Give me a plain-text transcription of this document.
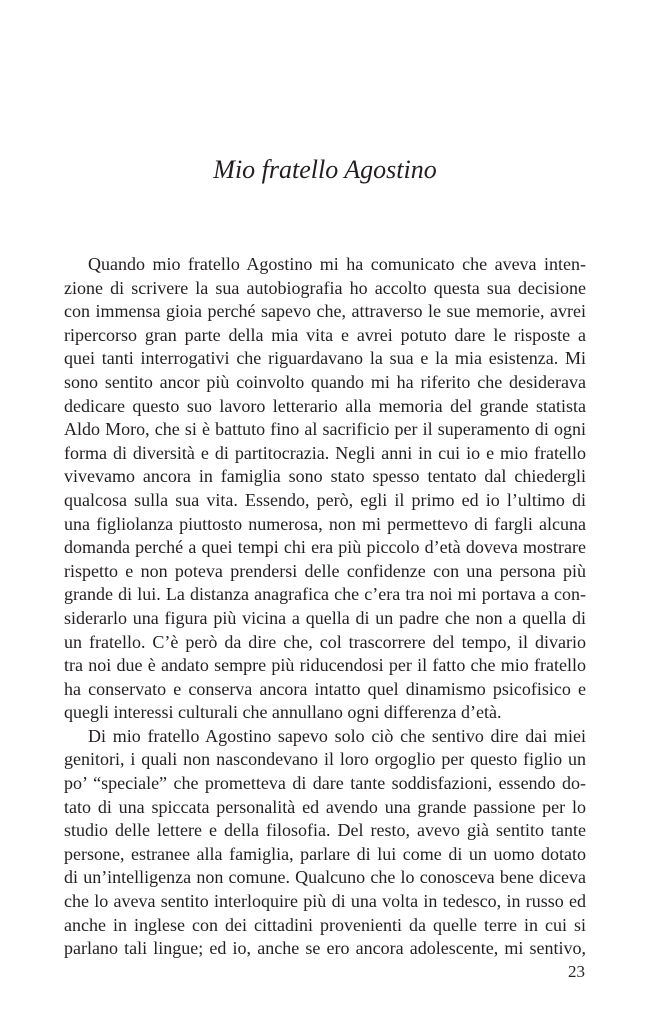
Mio fratello Agostino
Quando mio fratello Agostino mi ha comunicato che aveva inten-
zione di scrivere la sua autobiografia ho accolto questa sua decisione
con immensa gioia perché sapevo che, attraverso le sue memorie, avrei
ripercorso gran parte della mia vita e avrei potuto dare le risposte a
quei tanti interrogativi che riguardavano la sua e la mia esistenza. Mi
sono sentito ancor più coinvolto quando mi ha riferito che desiderava
dedicare questo suo lavoro letterario alla memoria del grande statista
Aldo Moro, che si è battuto fino al sacrificio per il superamento di ogni
forma di diversità e di partitocrazia. Negli anni in cui io e mio fratello
vivevamo ancora in famiglia sono stato spesso tentato dal chiedergli
qualcosa sulla sua vita. Essendo, però, egli il primo ed io l’ultimo di
una figliolanza piuttosto numerosa, non mi permettevo di fargli alcuna
domanda perché a quei tempi chi era più piccolo d’età doveva mostrare
rispetto e non poteva prendersi delle confidenze con una persona più
grande di lui. La distanza anagrafica che c’era tra noi mi portava a con-
siderarlo una figura più vicina a quella di un padre che non a quella di
un fratello. C’è però da dire che, col trascorrere del tempo, il divario
tra noi due è andato sempre più riducendosi per il fatto che mio fratello
ha conservato e conserva ancora intatto quel dinamismo psicofisico e
quegli interessi culturali che annullano ogni differenza d’età.
Di mio fratello Agostino sapevo solo ciò che sentivo dire dai miei
genitori, i quali non nascondevano il loro orgoglio per questo figlio un
po’ “speciale” che prometteva di dare tante soddisfazioni, essendo do-
tato di una spiccata personalità ed avendo una grande passione per lo
studio delle lettere e della filosofia. Del resto, avevo già sentito tante
persone, estranee alla famiglia, parlare di lui come di un uomo dotato
di un’intelligenza non comune. Qualcuno che lo conosceva bene diceva
che lo aveva sentito interloquire più di una volta in tedesco, in russo ed
anche in inglese con dei cittadini provenienti da quelle terre in cui si
parlano tali lingue; ed io, anche se ero ancora adolescente, mi sentivo,
23
